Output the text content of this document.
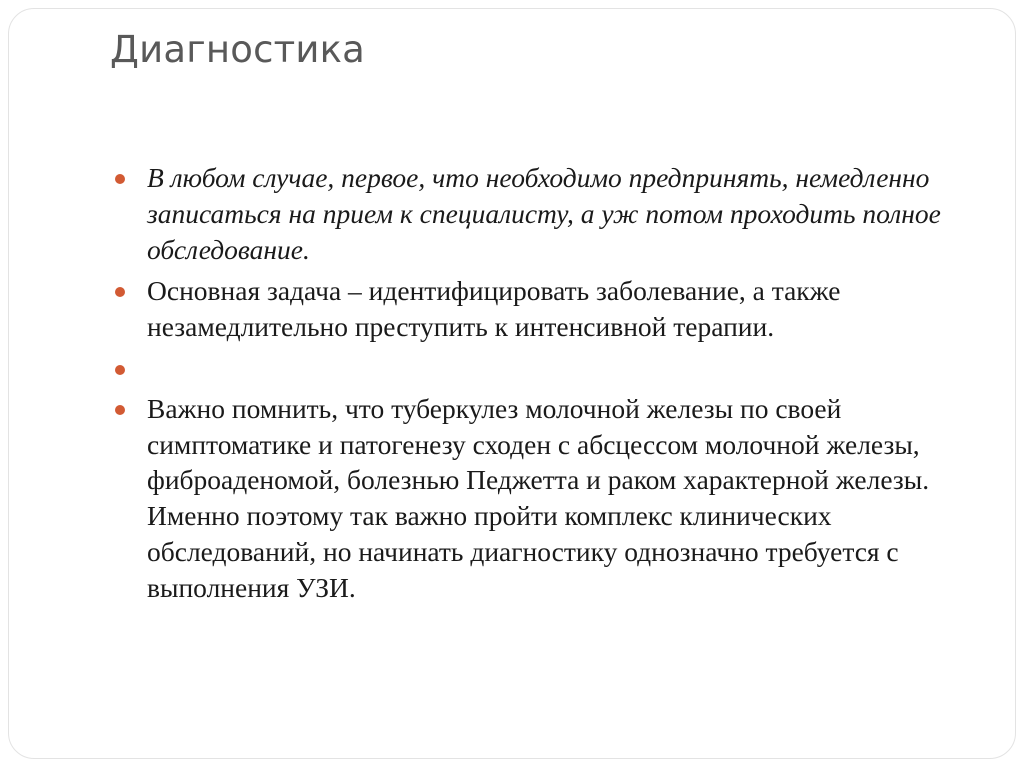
Диагностика
В любом случае, первое, что необходимо предпринять, немедленно записаться на прием к специалисту, а уж потом проходить полное обследование.
Основная задача – идентифицировать заболевание, а также незамедлительно преступить к интенсивной терапии.
Важно помнить, что туберкулез молочной железы по своей симптоматике и патогенезу сходен с абсцессом молочной железы, фиброаденомой, болезнью Педжетта и раком характерной железы. Именно поэтому так важно пройти комплекс клинических обследований, но начинать диагностику однозначно требуется с выполнения УЗИ.
